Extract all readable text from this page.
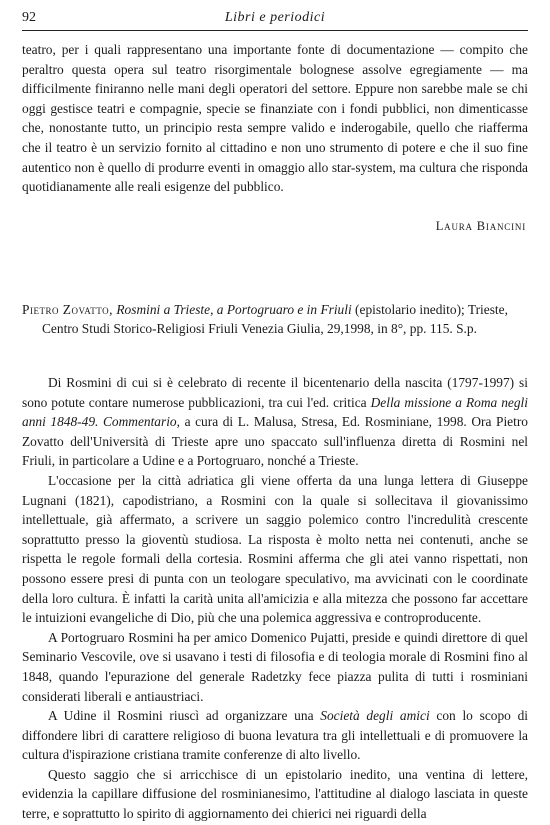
92	Libri e periodici

teatro, per i quali rappresentano una importante fonte di documentazione — compito che peraltro questa opera sul teatro risorgimentale bolognese assolve egregiamente — ma difficilmente finiranno nelle mani degli operatori del settore. Eppure non sarebbe male se chi oggi gestisce teatri e compagnie, specie se finanziate con i fondi pubblici, non dimenticasse che, nonostante tutto, un principio resta sempre valido e inderogabile, quello che riafferma che il teatro è un servizio fornito al cittadino e non uno strumento di potere e che il suo fine autentico non è quello di produrre eventi in omaggio allo star-system, ma cultura che risponda quotidianamente alle reali esigenze del pubblico.

Laura Biancini
Pietro Zovatto, Rosmini a Trieste, a Portogruaro e in Friuli (epistolario inedito); Trieste, Centro Studi Storico-Religiosi Friuli Venezia Giulia, 29,1998, in 8°, pp. 115. S.p.

Di Rosmini di cui si è celebrato di recente il bicentenario della nascita (1797-1997) si sono potute contare numerose pubblicazioni, tra cui l'ed. critica Della missione a Roma negli anni 1848-49. Commentario, a cura di L. Malusa, Stresa, Ed. Rosminiane, 1998. Ora Pietro Zovatto dell'Università di Trieste apre uno spaccato sull'influenza diretta di Rosmini nel Friuli, in particolare a Udine e a Portogruaro, nonché a Trieste.

L'occasione per la città adriatica gli viene offerta da una lunga lettera di Giuseppe Lugnani (1821), capodistriano, a Rosmini con la quale si sollecitava il giovanissimo intellettuale, già affermato, a scrivere un saggio polemico contro l'incredulità crescente soprattutto presso la gioventù studiosa. La risposta è molto netta nei contenuti, anche se rispetta le regole formali della cortesia. Rosmini afferma che gli atei vanno rispettati, non possono essere presi di punta con un teologare speculativo, ma avvicinati con le coordinate della loro cultura. È infatti la carità unita all'amicizia e alla mitezza che possono far accettare le intuizioni evangeliche di Dio, più che una polemica aggressiva e controproducente.

A Portogruaro Rosmini ha per amico Domenico Pujatti, preside e quindi direttore di quel Seminario Vescovile, ove si usavano i testi di filosofia e di teologia morale di Rosmini fino al 1848, quando l'epurazione del generale Radetzky fece piazza pulita di tutti i rosminiani considerati liberali e antiaustriaci.

A Udine il Rosmini riuscì ad organizzare una Società degli amici con lo scopo di diffondere libri di carattere religioso di buona levatura tra gli intellettuali e di promuovere la cultura d'ispirazione cristiana tramite conferenze di alto livello.

Questo saggio che si arricchisce di un epistolario inedito, una ventina di lettere, evidenzia la capillare diffusione del rosminianesimo, l'attitudine al dialogo lasciata in queste terre, e soprattutto lo spirito di aggiornamento dei chierici nei riguardi della
